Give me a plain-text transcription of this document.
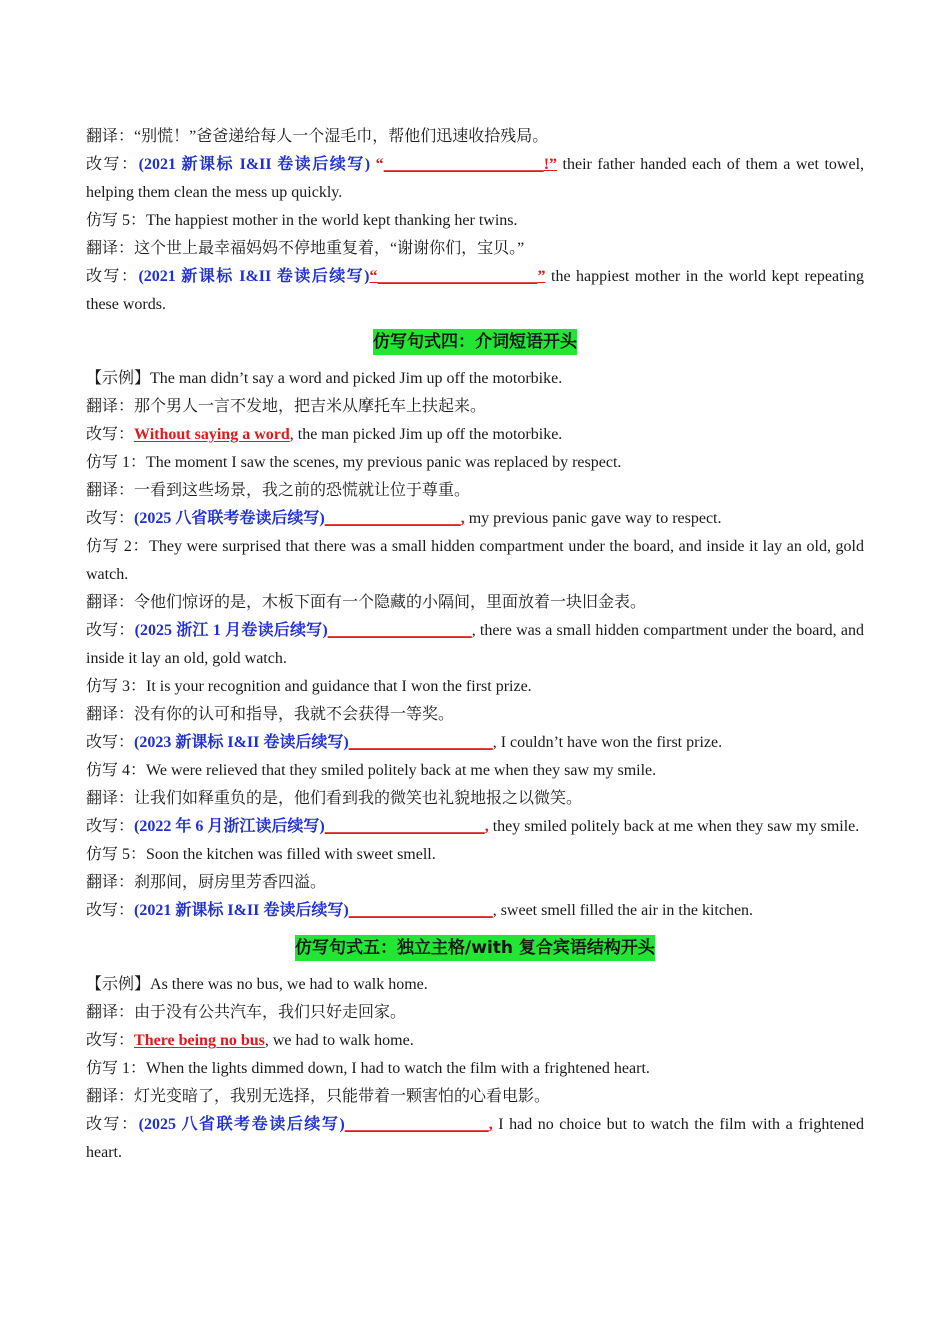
翻译：“别慌！”爸爸递给每人一个湿毛巾，帮他们迅速收拾残局。

改写：(2021 新课标 I&II 卷读后续写) “____________________!” their father handed each of them a wet towel, helping them clean the mess up quickly.

仿写 5：The happiest mother in the world kept thanking her twins.

翻译：这个世上最幸福妈妈不停地重复着，“谢谢你们，宝贝。”

改写：(2021 新课标 I&II 卷读后续写)“____________________” the happiest mother in the world kept repeating these words.

仿写句式四：介词短语开头

【示例】The man didn’t say a word and picked Jim up off the motorbike.

翻译：那个男人一言不发地，把吉米从摩托车上扶起来。

改写：Without saying a word, the man picked Jim up off the motorbike.

仿写 1：The moment I saw the scenes, my previous panic was replaced by respect.

翻译：一看到这些场景，我之前的恐慌就让位于尊重。

改写：(2025 八省联考卷读后续写)_________________, my previous panic gave way to respect.

仿写 2：They were surprised that there was a small hidden compartment under the board, and inside it lay an old, gold watch.

翻译：令他们惊讶的是，木板下面有一个隐藏的小隔间，里面放着一块旧金表。

改写：(2025 浙江 1 月卷读后续写)__________________, there was a small hidden compartment under the board, and inside it lay an old, gold watch.

仿写 3：It is your recognition and guidance that I won the first prize.

翻译：没有你的认可和指导，我就不会获得一等奖。

改写：(2023 新课标 I&II 卷读后续写)__________________, I couldn’t have won the first prize.

仿写 4：We were relieved that they smiled politely back at me when they saw my smile.

翻译：让我们如释重负的是，他们看到我的微笑也礼貌地报之以微笑。

改写：(2022 年 6 月浙江读后续写)____________________, they smiled politely back at me when they saw my smile.

仿写 5：Soon the kitchen was filled with sweet smell.

翻译：刹那间，厨房里芳香四溢。

改写：(2021 新课标 I&II 卷读后续写)__________________, sweet smell filled the air in the kitchen.

仿写句式五：独立主格/with 复合宾语结构开头

【示例】As there was no bus, we had to walk home.

翻译：由于没有公共汽车，我们只好走回家。

改写：There being no bus, we had to walk home.

仿写 1：When the lights dimmed down, I had to watch the film with a frightened heart.

翻译：灯光变暗了，我别无选择，只能带着一颗害怕的心看电影。

改写：(2025 八省联考卷读后续写)__________________, I had no choice but to watch the film with a frightened heart.
